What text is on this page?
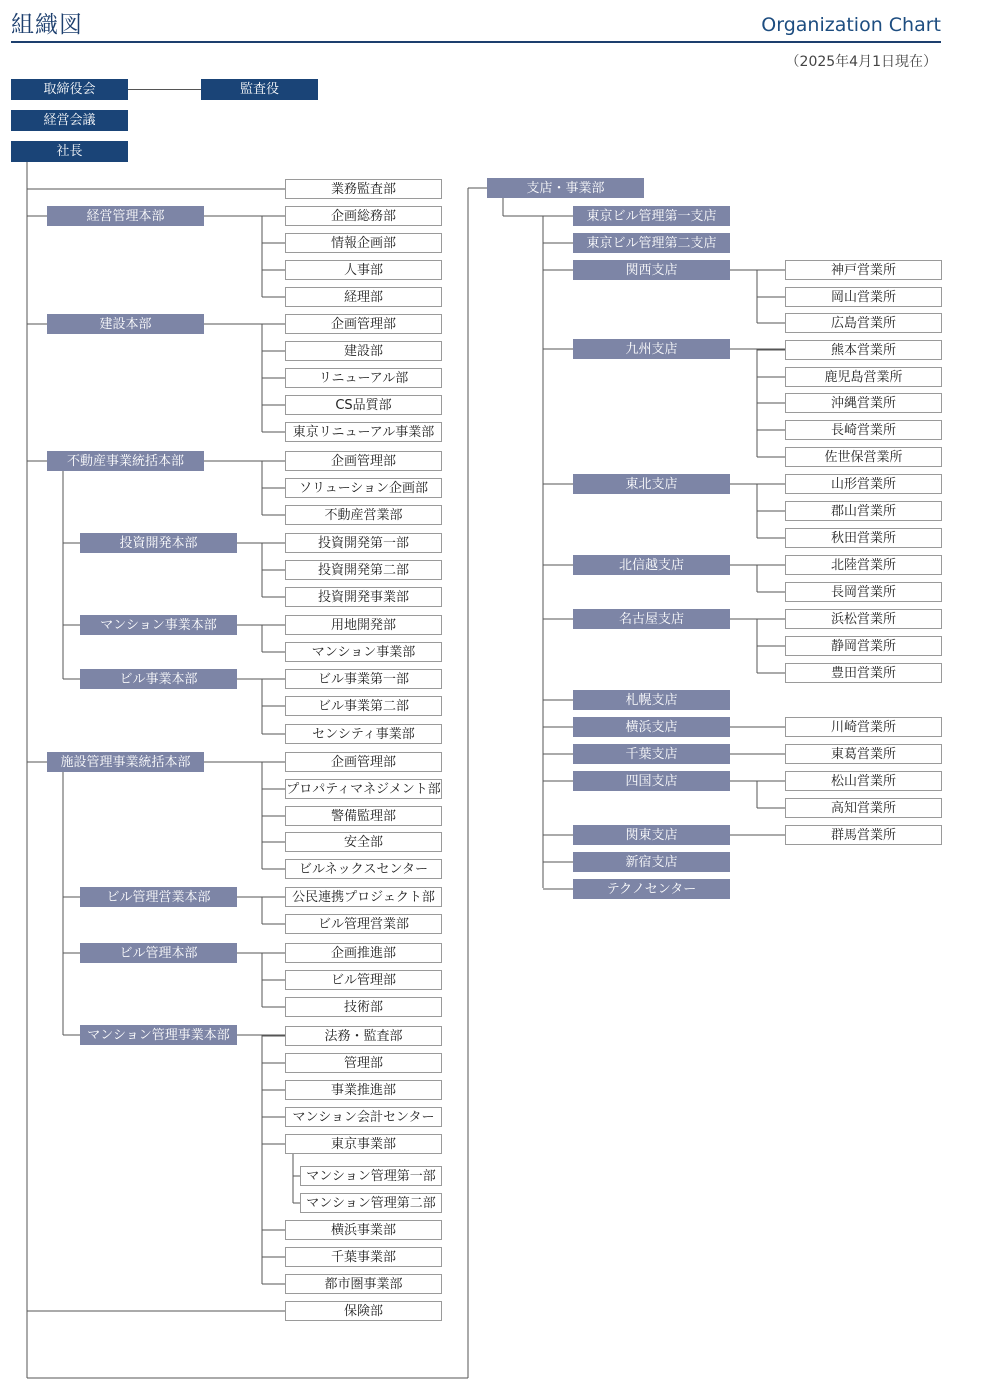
組織図	Organization Chart
（2025年4月1日現在）
取締役会	監査役
経営会議
社長
業務監査部
経営管理本部	企画総務部
情報企画部
人事部
経理部
建設本部	企画管理部
建設部
リニューアル部
CS品質部
東京リニューアル事業部
不動産事業統括本部	企画管理部
ソリューション企画部
不動産営業部
投資開発本部	投資開発第一部
投資開発第二部
投資開発事業部
マンション事業本部	用地開発部
マンション事業部
ビル事業本部	ビル事業第一部
ビル事業第二部
センシティ事業部
施設管理事業統括本部	企画管理部
プロパティマネジメント部
警備監理部
安全部
ビルネックスセンター
ビル管理営業本部	公民連携プロジェクト部
ビル管理営業部
ビル管理本部	企画推進部
ビル管理部
技術部
マンション管理事業本部	法務・監査部
管理部
事業推進部
マンション会計センター
東京事業部
横浜事業部
千葉事業部
都市圏事業部
マンション管理第一部
マンション管理第二部
保険部
支店・事業部
東京ビル管理第一支店
東京ビル管理第二支店
関西支店	神戸営業所
岡山営業所
広島営業所
九州支店	熊本営業所
鹿児島営業所
沖縄営業所
長崎営業所
佐世保営業所
東北支店	山形営業所
郡山営業所
秋田営業所
北信越支店	北陸営業所
長岡営業所
名古屋支店	浜松営業所
静岡営業所
豊田営業所
札幌支店
横浜支店	川崎営業所
千葉支店	東葛営業所
四国支店	松山営業所
高知営業所
関東支店	群馬営業所
新宿支店
テクノセンター
